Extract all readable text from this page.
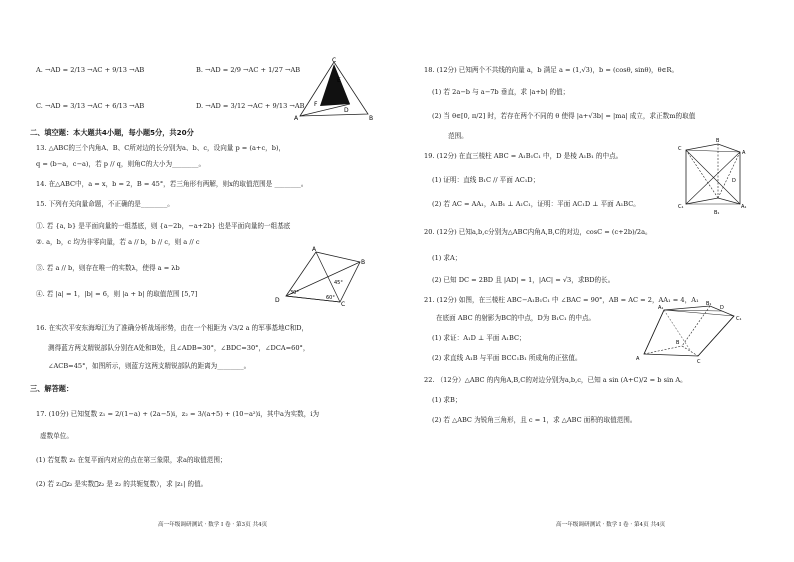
A. →AD = 2/13 →AC + 9/13 →AB	B. →AD = 2/9 →AC + 1/27 →AB
C. →AD = 3/13 →AC + 6/13 →AB	D. →AD = 3/12 →AC + 9/13 →AB
C
E
F
D
A	B
二、填空题：本大题共4小题，每小题5分，共20分
13. △ABC的三个内角A、B、C所对边的长分别为a、b、c，设向量 p = (a+c，b)，
q = (b−a，c−a)，若 p // q，则角C的大小为________。
14. 在△ABC中，a = x，b = 2，B = 45°，若三角形有两解，则x的取值范围是 ________。
15. 下列有关向量命题，不正确的是________。
①. 若 {a, b} 是平面向量的一组基底，则 {a−2b，−a+2b} 也是平面向量的一组基底
②. a，b，c 均为非零向量，若 a // b，b // c，则 a // c
③. 若 a // b，则存在唯一的实数λ，使得 a = λb
④. 若 |a| = 1，|b| = 6，则 |a + b| 的取值范围 [5,7]
A
B
C
D
30°
45°
60°
16. 在实次平安东海埠江为了准确分析战场形势，由在一个相距为 √3/2 a 的军事基地C和D，
测得蓝方两支精锐部队分别在A处和B处，且∠ADB=30°，∠BDC=30°，∠DCA=60°，
∠ACB=45°，如图所示，则蓝方这两支精锐部队的距离为________。
三、解答题：
17. (10分) 已知复数 z₁ = 2/(1−a) + (2a−5)i，z₂ = 3/(a+5) + (10−a²)i，其中a为实数，i为
虚数单位。
(1) 若复数 z₁ 在复平面内对应的点在第三象限，求a的取值范围；
(2) 若 z₁，̅z₂ 是实数（̅z₂ 是 z₂ 的共轭复数），求 |z₁| 的值。
高一年级调研测试 · 数学 Ⅰ 卷 · 第3页 共4页
18. (12分) 已知两个不共线的向量 a，b 满足 a = (1,√3)，b = (cosθ, sinθ)，θ∈R。
(1) 若 2a−b 与 a−7b 垂直，求 |a+b| 的值；
(2) 当 θ∈[0, π/2] 时，若存在两个不同的 θ 使得 |a+√3b| = |ma| 成立，求正数m的取值
范围。
19. (12分) 在直三棱柱 ABC = A₁B₁C₁ 中，D 是棱 A₁B₁ 的中点。
(1) 证明：直线 B₁C // 平面 AC₁D；
(2) 若 AC = AA₁，A₁B₁ ⊥ A₁C₁，证明：平面 AC₁D ⊥ 平面 A₁BC。
C
A
B
C₁	A₁
B₁
D
20. (12分) 已知a,b,c分别为△ABC内角A,B,C的对边，cosC = (c+2b)/2a。
(1) 求A；
(2) 已知 DC = 2BD 且 |AD| = 1，|AC| = √3，求BD的长。
21. (12分) 如图，在三棱柱 ABC−A₁B₁C₁ 中 ∠BAC = 90°，AB = AC = 2，AA₁ = 4，A₁
在底面 ABC 的射影为BC的中点，D为 B₁C₁ 的中点。
(1) 求证：A₁D ⊥ 平面 A₁BC；
(2) 求直线 A₁B 与平面 BCC₁B₁ 所成角的正弦值。
A₁
B₁
D
C₁
A
B
C
22. （12分）△ABC 的内角A,B,C的对边分别为a,b,c，已知 a sin (A+C)/2 = b sin A。
(1) 求B；
(2) 若 △ABC 为锐角三角形，且 c = 1，求 △ABC 面积的取值范围。
高一年级调研测试 · 数学 Ⅰ 卷 · 第4页 共4页
